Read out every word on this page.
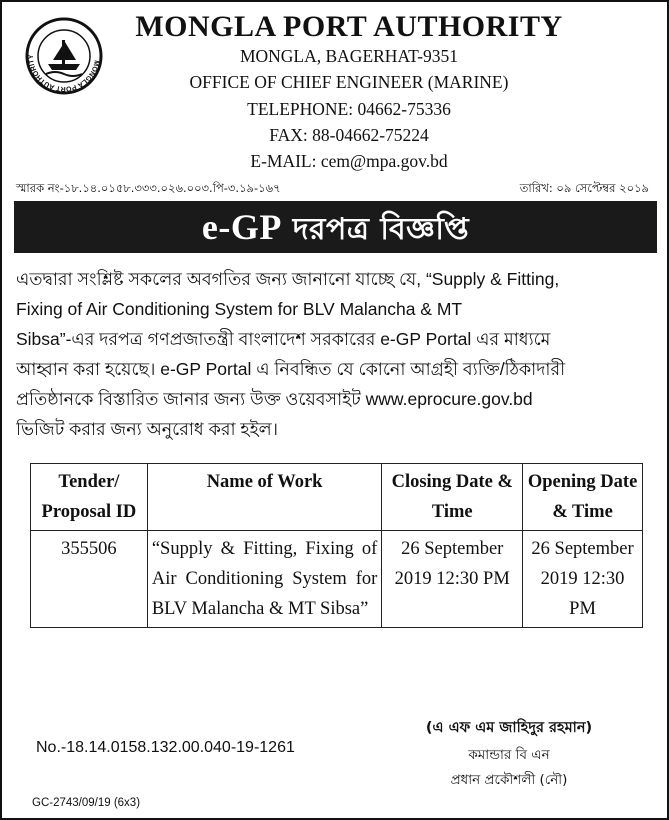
MONGLA PORT AUTHORITY
MONGLA PORT AUTHORITY
MONGLA, BAGERHAT-9351
OFFICE OF CHIEF ENGINEER (MARINE)
TELEPHONE: 04662-75336
FAX: 88-04662-75224
E-MAIL: cem@mpa.gov.bd
স্মারক নং-১৮.১৪.০১৫৮.৩৩৩.০২৬.০০৩.পি-৩.১৯-১৬৭	তারিখ: ০৯ সেপ্টেম্বর ২০১৯
e-GP দরপত্র বিজ্ঞপ্তি
এতদ্বারা সংশ্লিষ্ট সকলের অবগতির জন্য জানানো যাচ্ছে যে, “Supply & Fitting,
Fixing of Air Conditioning System for BLV Malancha & MT
Sibsa”-এর দরপত্র গণপ্রজাতন্ত্রী বাংলাদেশ সরকারের e-GP Portal এর মাধ্যমে
আহ্বান করা হয়েছে। e-GP Portal এ নিবন্ধিত যে কোনো আগ্রহী ব্যক্তি/ঠিকাদারী
প্রতিষ্ঠানকে বিস্তারিত জানার জন্য উক্ত ওয়েবসাইট www.eprocure.gov.bd
ভিজিট করার জন্য অনুরোধ করা হইল।
Tender/ Proposal ID	Name of Work	Closing Date & Time	Opening Date & Time
355506	“Supply & Fitting, Fixing of Air Conditioning System for BLV Malancha & MT Sibsa”	26 September 2019 12:30 PM	26 September 2019 12:30 PM
No.-18.14.0158.132.00.040-19-1261
(এ এফ এম জাহিদুর রহমান)
কমান্ডার বি এন
প্রধান প্রকৌশলী (নৌ)
GC-2743/09/19 (6x3)
